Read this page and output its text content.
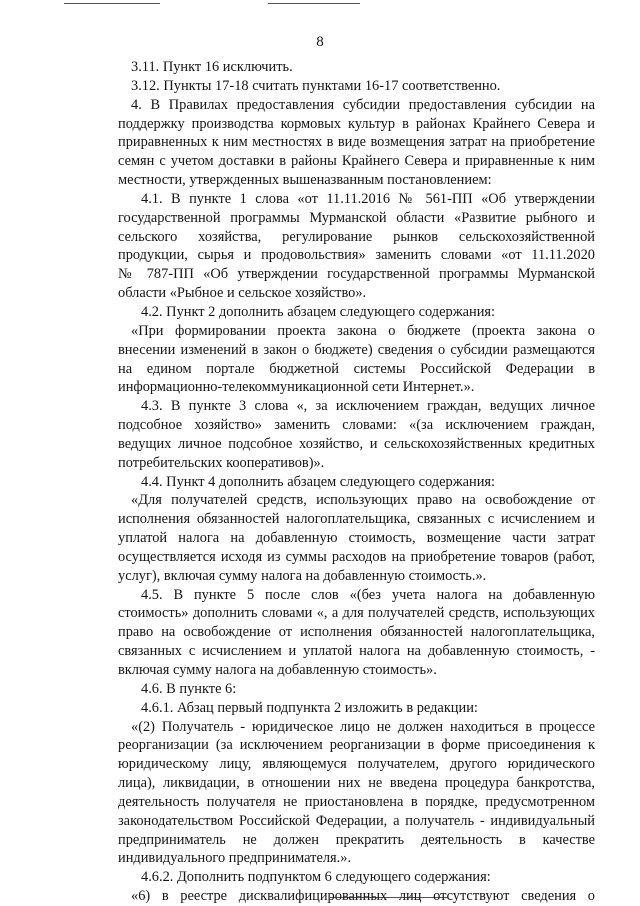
8

3.11. Пункт 16 исключить.

3.12. Пункты 17-18 считать пунктами 16-17 соответственно.

4. В Правилах предоставления субсидии предоставления субсидии на

поддержку производства кормовых культур в районах Крайнего Севера и

приравненных к ним местностях в виде возмещения затрат на приобретение

семян с учетом доставки в районы Крайнего Севера и приравненные к ним

местности, утвержденных вышеназванным постановлением:

4.1. В пункте 1 слова «от 11.11.2016 № 561-ПП «Об утверждении

государственной программы Мурманской области «Развитие рыбного и

сельского хозяйства, регулирование рынков сельскохозяйственной

продукции, сырья и продовольствия» заменить словами «от 11.11.2020

№ 787-ПП «Об утверждении государственной программы Мурманской

области «Рыбное и сельское хозяйство».

4.2. Пункт 2 дополнить абзацем следующего содержания:

«При формировании проекта закона о бюджете (проекта закона о

внесении изменений в закон о бюджете) сведения о субсидии размещаются

на едином портале бюджетной системы Российской Федерации в

информационно-телекоммуникационной сети Интернет.».

4.3. В пункте 3 слова «, за исключением граждан, ведущих личное

подсобное хозяйство» заменить словами: «(за исключением граждан,

ведущих личное подсобное хозяйство, и сельскохозяйственных кредитных

потребительских кооперативов)».

4.4. Пункт 4 дополнить абзацем следующего содержания:

«Для получателей средств, использующих право на освобождение от

исполнения обязанностей налогоплательщика, связанных с исчислением и

уплатой налога на добавленную стоимость, возмещение части затрат

осуществляется исходя из суммы расходов на приобретение товаров (работ,

услуг), включая сумму налога на добавленную стоимость.».

4.5. В пункте 5 после слов «(без учета налога на добавленную

стоимость» дополнить словами «, а для получателей средств, использующих

право на освобождение от исполнения обязанностей налогоплательщика,

связанных с исчислением и уплатой налога на добавленную стоимость, -

включая сумму налога на добавленную стоимость».

4.6. В пункте 6:

4.6.1. Абзац первый подпункта 2 изложить в редакции:

«(2) Получатель - юридическое лицо не должен находиться в процессе

реорганизации (за исключением реорганизации в форме присоединения к

юридическому лицу, являющемуся получателем, другого юридического

лица), ликвидации, в отношении них не введена процедура банкротства,

деятельность получателя не приостановлена в порядке, предусмотренном

законодательством Российской Федерации, а получатель - индивидуальный

предприниматель не должен прекратить деятельность в качестве

индивидуального предпринимателя.».

4.6.2. Дополнить подпунктом 6 следующего содержания:

«6) в реестре дисквалифицированных лиц отсутствуют сведения о
